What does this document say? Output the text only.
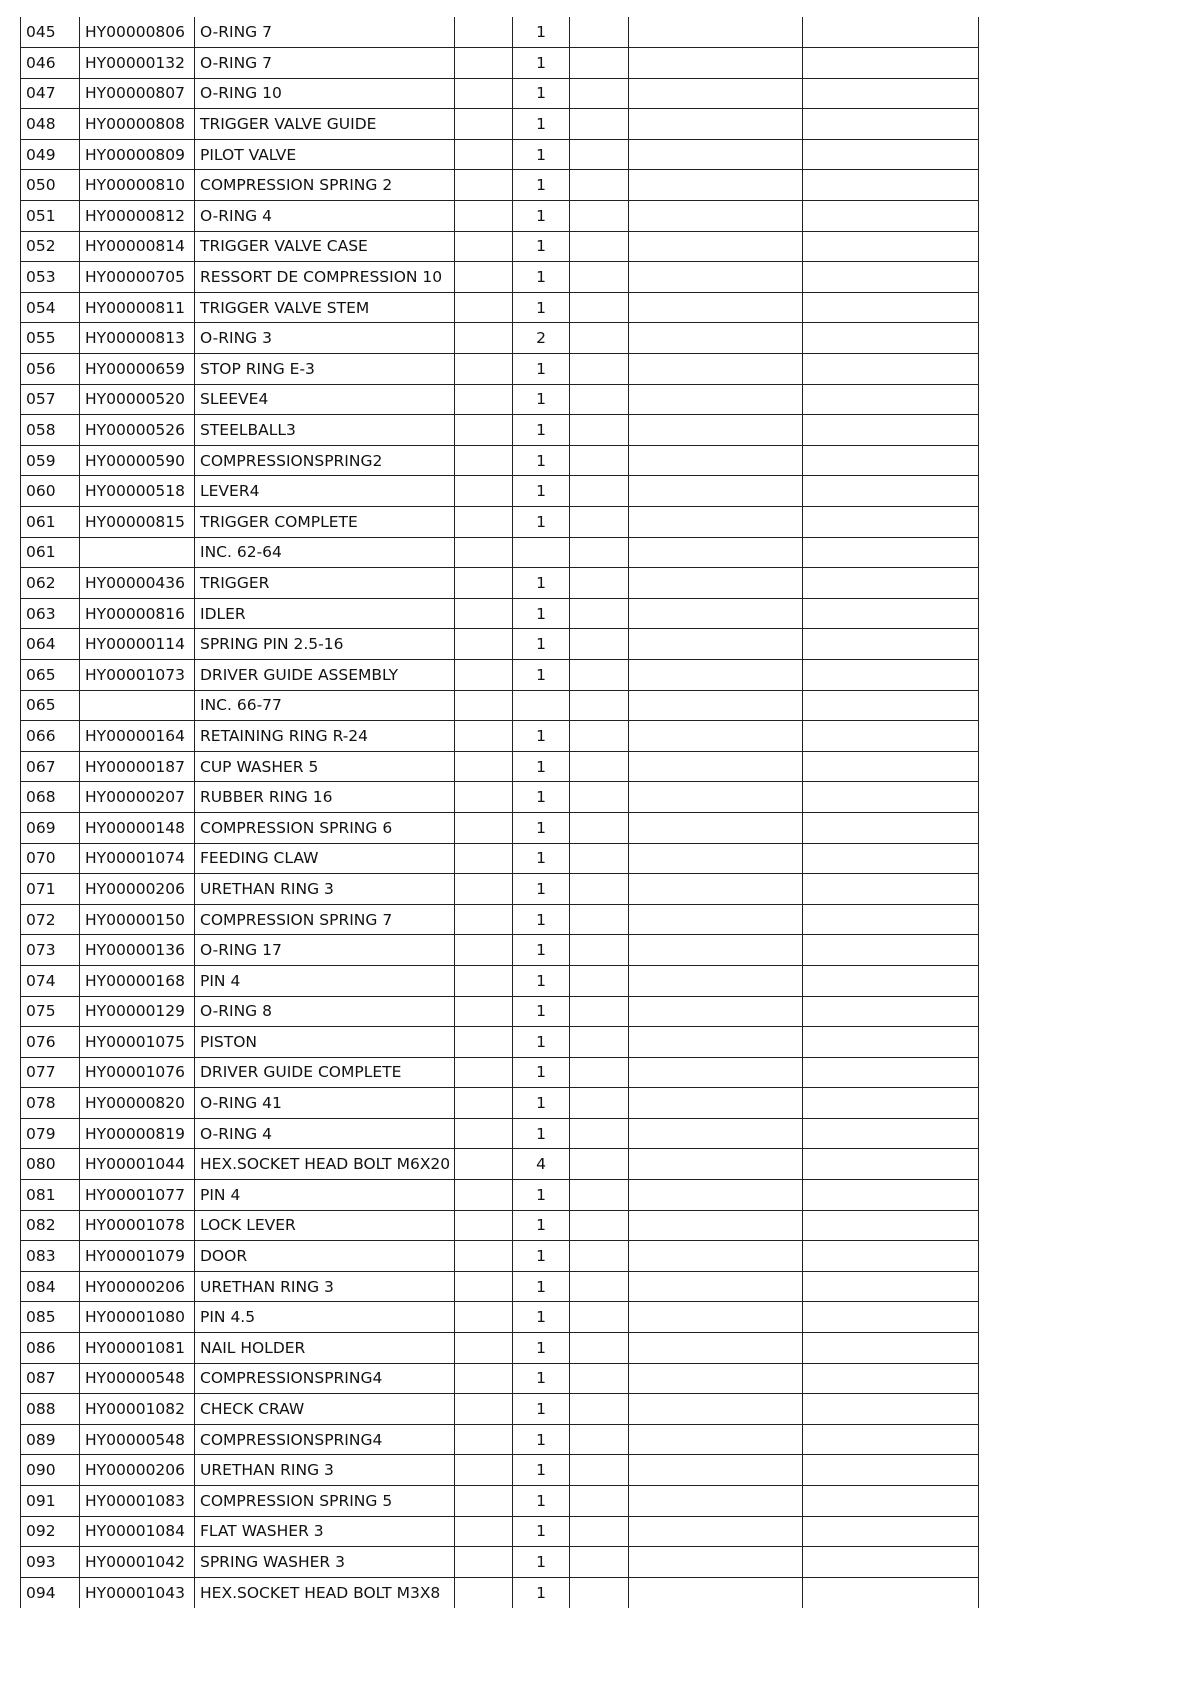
045	HY00000806	O-RING 7		1			
046	HY00000132	O-RING 7		1			
047	HY00000807	O-RING 10		1			
048	HY00000808	TRIGGER VALVE GUIDE		1			
049	HY00000809	PILOT VALVE		1			
050	HY00000810	COMPRESSION SPRING 2		1			
051	HY00000812	O-RING 4		1			
052	HY00000814	TRIGGER VALVE CASE		1			
053	HY00000705	RESSORT DE COMPRESSION 10		1			
054	HY00000811	TRIGGER VALVE STEM		1			
055	HY00000813	O-RING 3		2			
056	HY00000659	STOP RING E-3		1			
057	HY00000520	SLEEVE4		1			
058	HY00000526	STEELBALL3		1			
059	HY00000590	COMPRESSIONSPRING2		1			
060	HY00000518	LEVER4		1			
061	HY00000815	TRIGGER COMPLETE		1			
061		INC. 62-64					
062	HY00000436	TRIGGER		1			
063	HY00000816	IDLER		1			
064	HY00000114	SPRING PIN 2.5-16		1			
065	HY00001073	DRIVER GUIDE ASSEMBLY		1			
065		INC. 66-77					
066	HY00000164	RETAINING RING R-24		1			
067	HY00000187	CUP WASHER 5		1			
068	HY00000207	RUBBER RING 16		1			
069	HY00000148	COMPRESSION SPRING 6		1			
070	HY00001074	FEEDING CLAW		1			
071	HY00000206	URETHAN RING 3		1			
072	HY00000150	COMPRESSION SPRING 7		1			
073	HY00000136	O-RING 17		1			
074	HY00000168	PIN 4		1			
075	HY00000129	O-RING 8		1			
076	HY00001075	PISTON		1			
077	HY00001076	DRIVER GUIDE COMPLETE		1			
078	HY00000820	O-RING 41		1			
079	HY00000819	O-RING 4		1			
080	HY00001044	HEX.SOCKET HEAD BOLT M6X20		4			
081	HY00001077	PIN 4		1			
082	HY00001078	LOCK LEVER		1			
083	HY00001079	DOOR		1			
084	HY00000206	URETHAN RING 3		1			
085	HY00001080	PIN 4.5		1			
086	HY00001081	NAIL HOLDER		1			
087	HY00000548	COMPRESSIONSPRING4		1			
088	HY00001082	CHECK CRAW		1			
089	HY00000548	COMPRESSIONSPRING4		1			
090	HY00000206	URETHAN RING 3		1			
091	HY00001083	COMPRESSION SPRING 5		1			
092	HY00001084	FLAT WASHER 3		1			
093	HY00001042	SPRING WASHER 3		1			
094	HY00001043	HEX.SOCKET HEAD BOLT M3X8		1			
